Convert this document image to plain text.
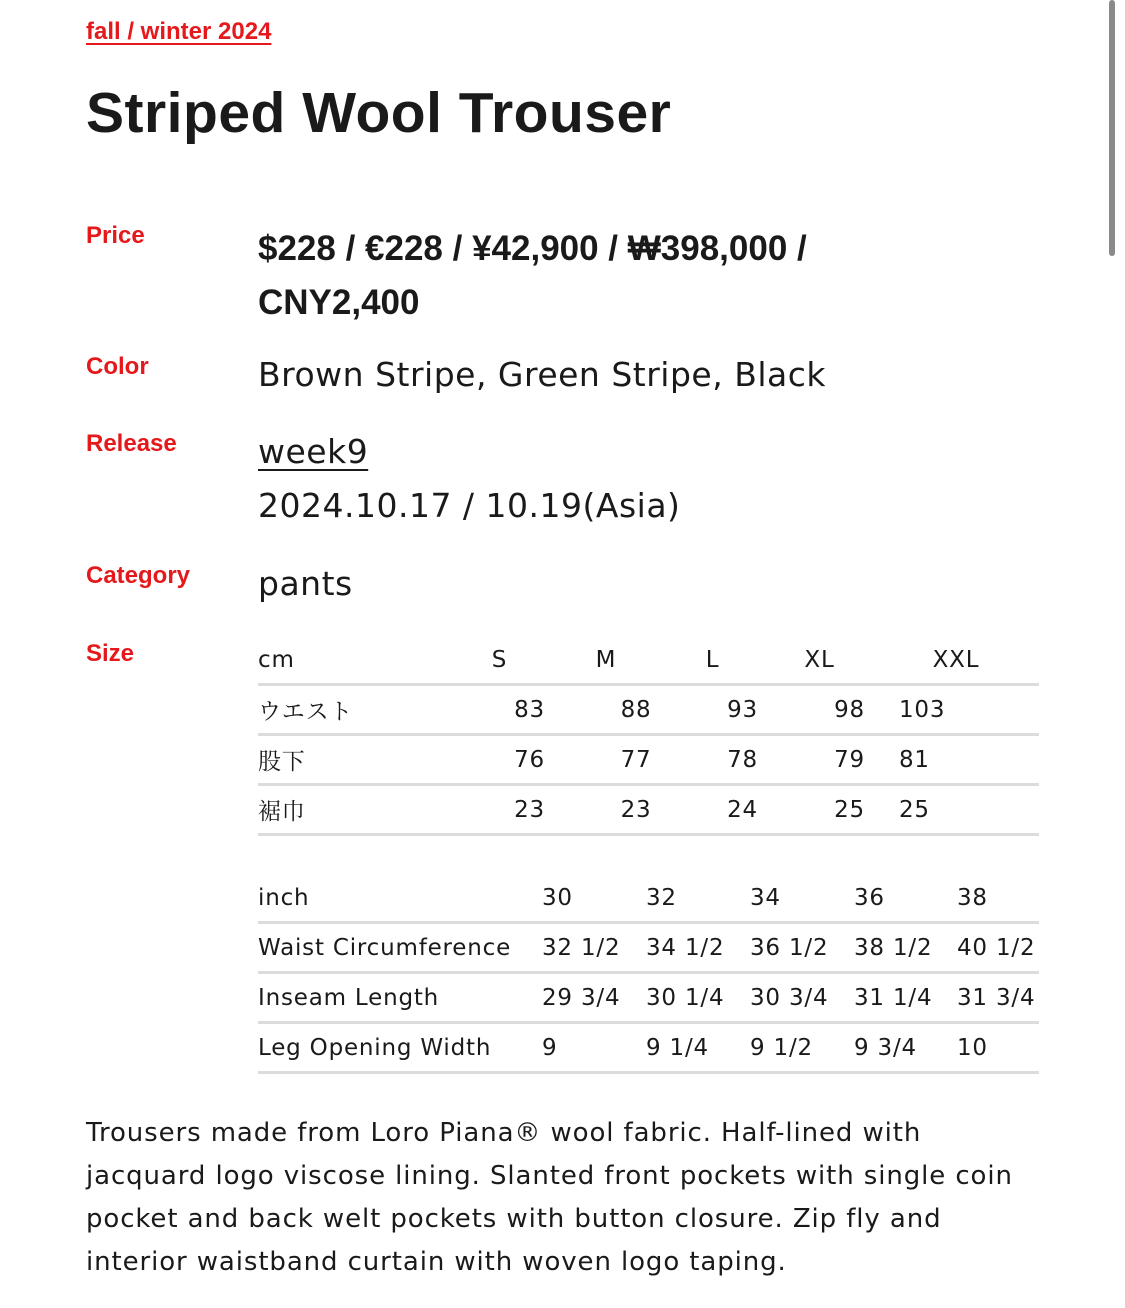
fall / winter 2024
Striped Wool Trouser
Price	$228 / €228 / ¥42,900 / ₩398,000 / CNY2,400
Color	Brown Stripe, Green Stripe, Black
Release week9
2024.10.17 / 10.19(Asia)
Category pants
Size	cm	S	M	L	XL	XXL
ウエスト	83	88	93	98	103
股下	76	77	78	79	81
裾巾	23	23	24	25	25
inch	30	32	34	36	38
Waist Circumference	32 1/2	34 1/2	36 1/2	38 1/2	40 1/2
Inseam Length	29 3/4	30 1/4	30 3/4	31 1/4	31 3/4
Leg Opening Width	9	9 1/4	9 1/2	9 3/4	10

Trousers made from Loro Piana® wool fabric. Half-lined with jacquard logo viscose lining. Slanted front pockets with single coin pocket and back welt pockets with button closure. Zip fly and interior waistband curtain with woven logo taping.
